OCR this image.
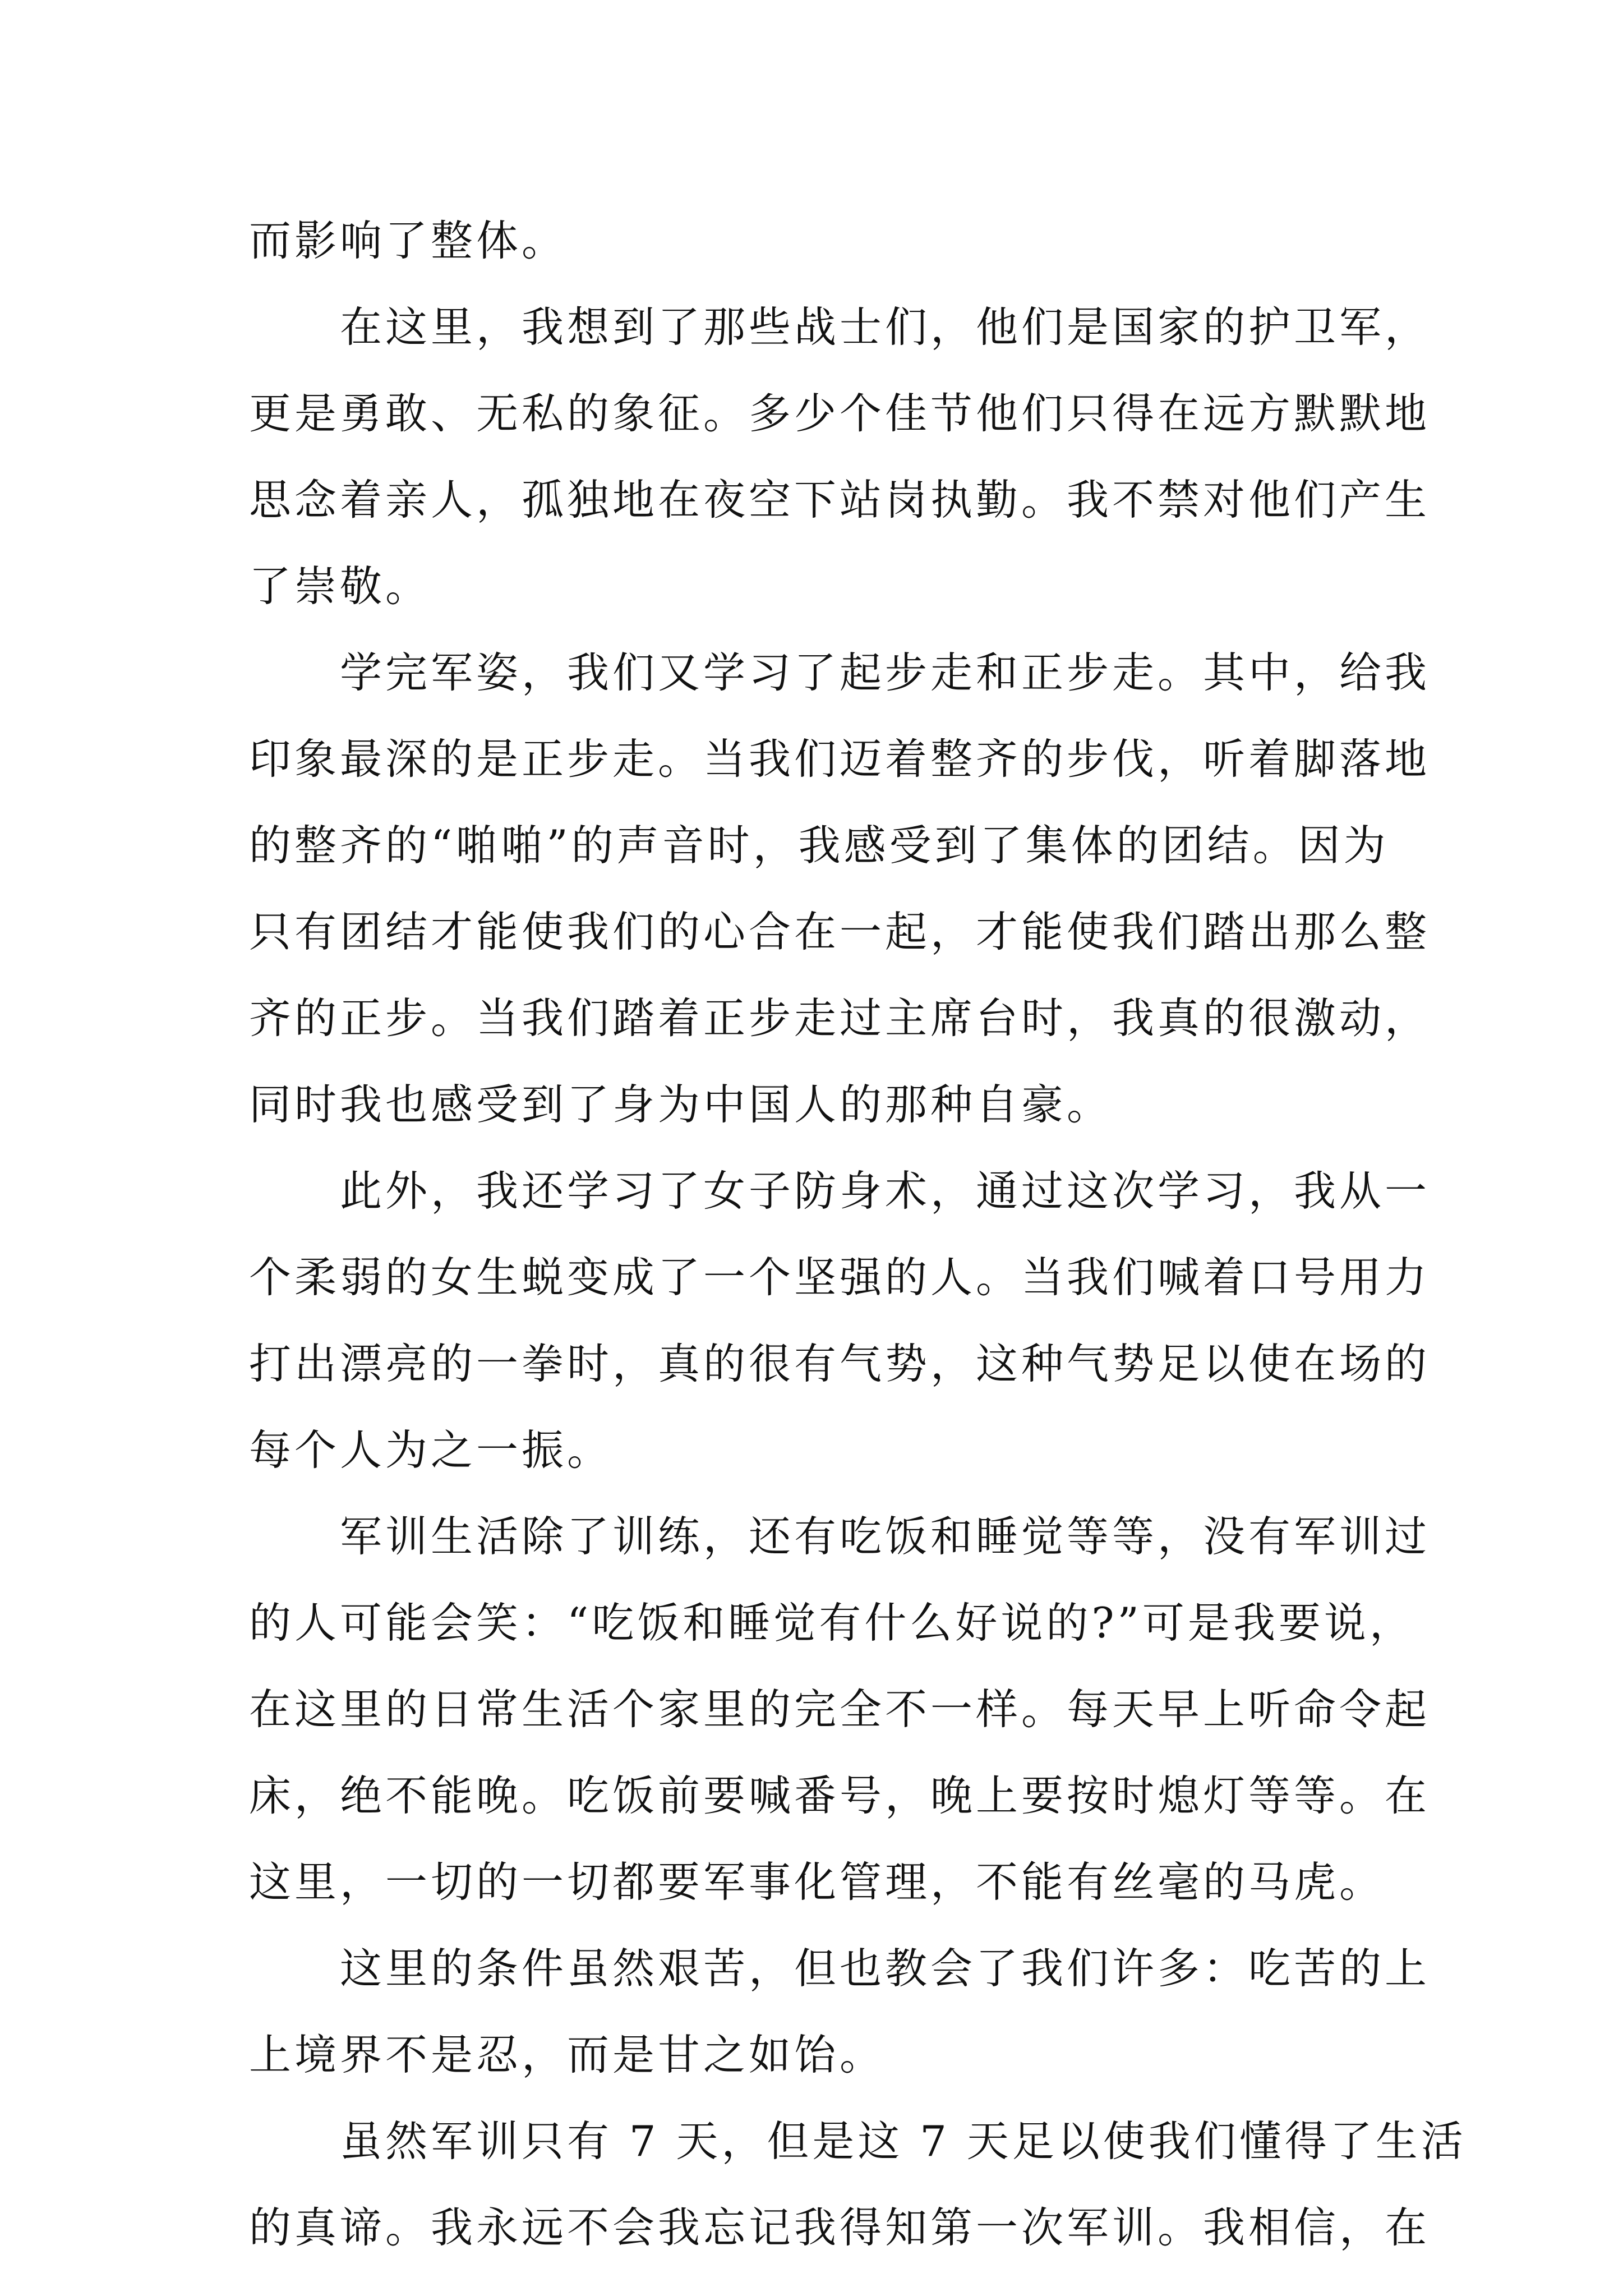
而影响了整体。

在这里，我想到了那些战士们，他们是国家的护卫军，
更是勇敢、无私的象征。多少个佳节他们只得在远方默默地
思念着亲人，孤独地在夜空下站岗执勤。我不禁对他们产生
了崇敬。

学完军姿，我们又学习了起步走和正步走。其中，给我
印象最深的是正步走。当我们迈着整齐的步伐，听着脚落地
的整齐的“啪啪”的声音时，我感受到了集体的团结。因为
只有团结才能使我们的心合在一起，才能使我们踏出那么整
齐的正步。当我们踏着正步走过主席台时，我真的很激动，
同时我也感受到了身为中国人的那种自豪。

此外，我还学习了女子防身术，通过这次学习，我从一
个柔弱的女生蜕变成了一个坚强的人。当我们喊着口号用力
打出漂亮的一拳时，真的很有气势，这种气势足以使在场的
每个人为之一振。

军训生活除了训练，还有吃饭和睡觉等等，没有军训过
的人可能会笑：“吃饭和睡觉有什么好说的?”可是我要说，
在这里的日常生活个家里的完全不一样。每天早上听命令起
床，绝不能晚。吃饭前要喊番号，晚上要按时熄灯等等。在
这里，一切的一切都要军事化管理，不能有丝毫的马虎。

这里的条件虽然艰苦，但也教会了我们许多：吃苦的上
上境界不是忍，而是甘之如饴。

虽然军训只有 7 天，但是这 7 天足以使我们懂得了生活
的真谛。我永远不会我忘记我得知第一次军训。我相信，在
